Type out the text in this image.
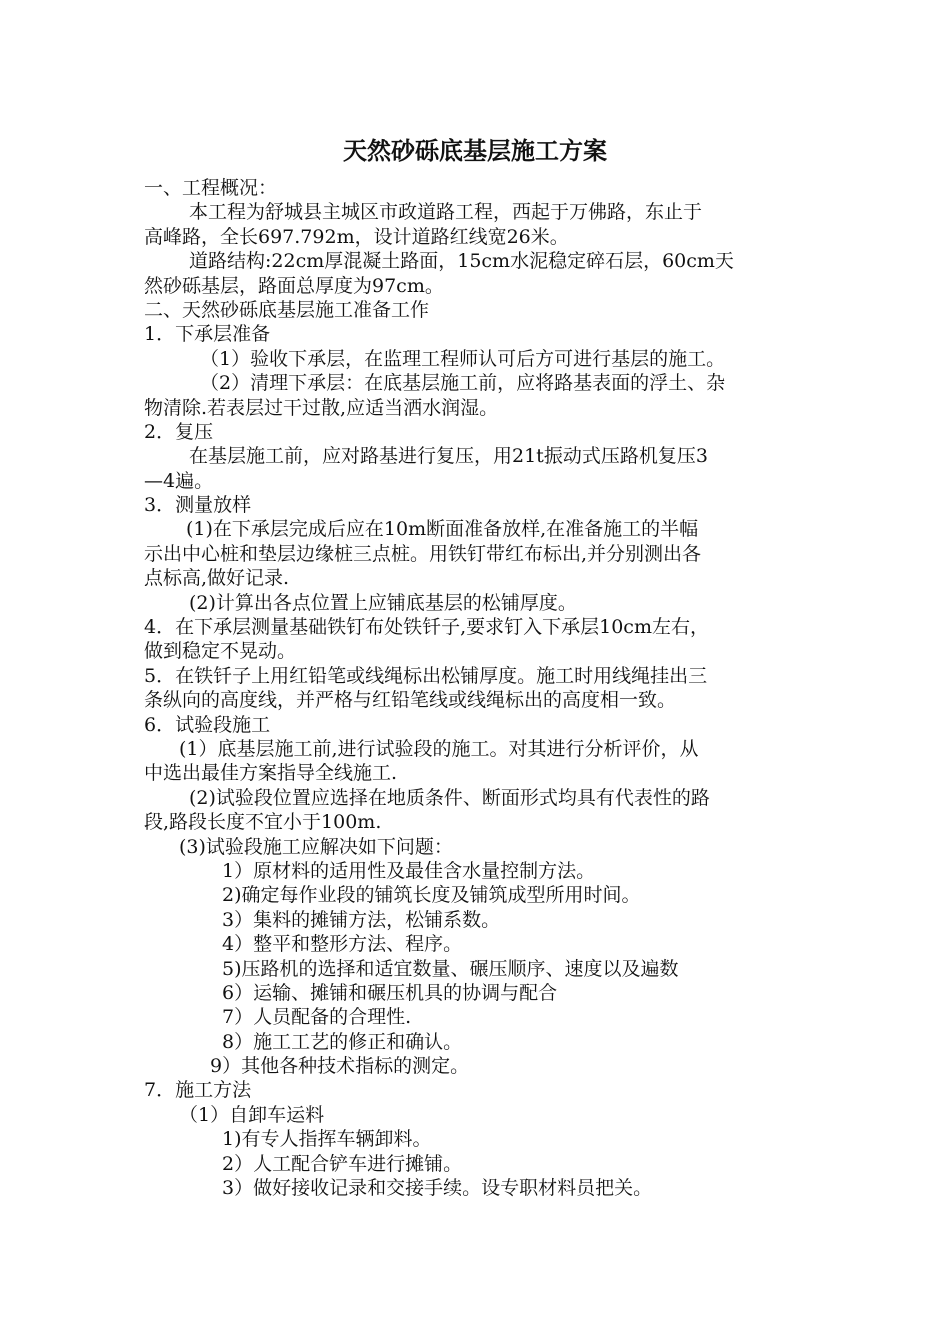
天然砂砾底基层施工方案
一、工程概况：
本工程为舒城县主城区市政道路工程，西起于万佛路，东止于
高峰路，全长697.792m，设计道路红线宽26米。
道路结构:22cm厚混凝土路面，15cm水泥稳定碎石层，60cm天
然砂砾基层，路面总厚度为97cm。
二、天然砂砾底基层施工准备工作
1．下承层准备
（1）验收下承层，在监理工程师认可后方可进行基层的施工。
（2）清理下承层：在底基层施工前，应将路基表面的浮土、杂
物清除.若表层过干过散,应适当洒水润湿。
2．复压
在基层施工前，应对路基进行复压，用21t振动式压路机复压3
—4遍。
3．测量放样
(1)在下承层完成后应在10m断面准备放样,在准备施工的半幅
示出中心桩和垫层边缘桩三点桩。用铁钉带红布标出,并分别测出各
点标高,做好记录.
(2)计算出各点位置上应铺底基层的松铺厚度。
4．在下承层测量基础铁钉布处铁钎子,要求钉入下承层10cm左右，
做到稳定不晃动。
5．在铁钎子上用红铅笔或线绳标出松铺厚度。施工时用线绳挂出三
条纵向的高度线，并严格与红铅笔线或线绳标出的高度相一致。
6．试验段施工
(1）底基层施工前,进行试验段的施工。对其进行分析评价，从
中选出最佳方案指导全线施工.
(2)试验段位置应选择在地质条件、断面形式均具有代表性的路
段,路段长度不宜小于100m.
(3)试验段施工应解决如下问题：
1）原材料的适用性及最佳含水量控制方法。
2)确定每作业段的铺筑长度及铺筑成型所用时间。
3）集料的摊铺方法，松铺系数。
4）整平和整形方法、程序。
5)压路机的选择和适宜数量、碾压顺序、速度以及遍数
6）运输、摊铺和碾压机具的协调与配合
7）人员配备的合理性.
8）施工工艺的修正和确认。
9）其他各种技术指标的测定。
7．施工方法
（1）自卸车运料
1)有专人指挥车辆卸料。
2）人工配合铲车进行摊铺。
3）做好接收记录和交接手续。设专职材料员把关。
